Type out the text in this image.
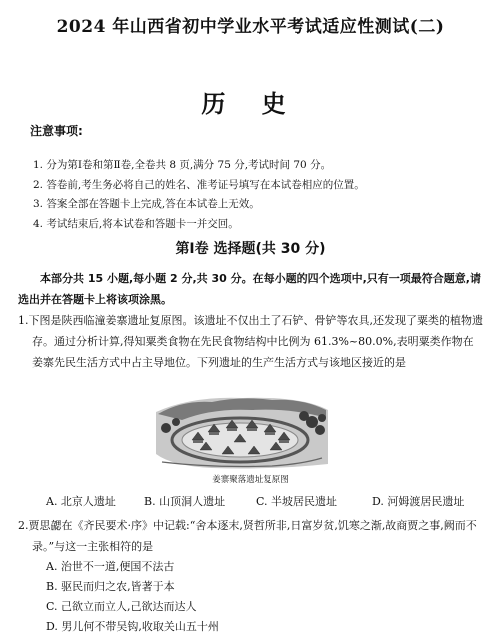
2024 年山西省初中学业水平考试适应性测试(二)
历 史
注意事项:
1. 分为第Ⅰ卷和第Ⅱ卷,全卷共 8 页,满分 75 分,考试时间 70 分。
2. 答卷前,考生务必将自己的姓名、准考证号填写在本试卷相应的位置。
3. 答案全部在答题卡上完成,答在本试卷上无效。
4. 考试结束后,将本试卷和答题卡一并交回。
第Ⅰ卷 选择题(共 30 分)
本部分共 15 小题,每小题 2 分,共 30 分。在每小题的四个选项中,只有一项最符合题意,请选出并在答题卡上将该项涂黑。
1.下图是陕西临潼姜寨遗址复原图。该遗址不仅出土了石铲、骨铲等农具,还发现了粟类的植物遗存。通过分析计算,得知粟类食物在先民食物结构中比例为 61.3%~80.0%,表明粟类作物在姜寨先民生活方式中占主导地位。下列遗址的生产生活方式与该地区接近的是
姜寨聚落遗址复原图
A. 北京人遗址	B. 山顶洞人遗址	C. 半坡居民遗址	D. 河姆渡居民遗址
2.贾思勰在《齐民要术·序》中记载:“舍本逐末,贤哲所非,日富岁贫,饥寒之渐,故商贾之事,阙而不录。”与这一主张相符的是
A. 治世不一道,便国不法古
B. 驱民而归之农,皆著于本
C. 己欲立而立人,己欲达而达人
D. 男儿何不带吴钩,收取关山五十州
